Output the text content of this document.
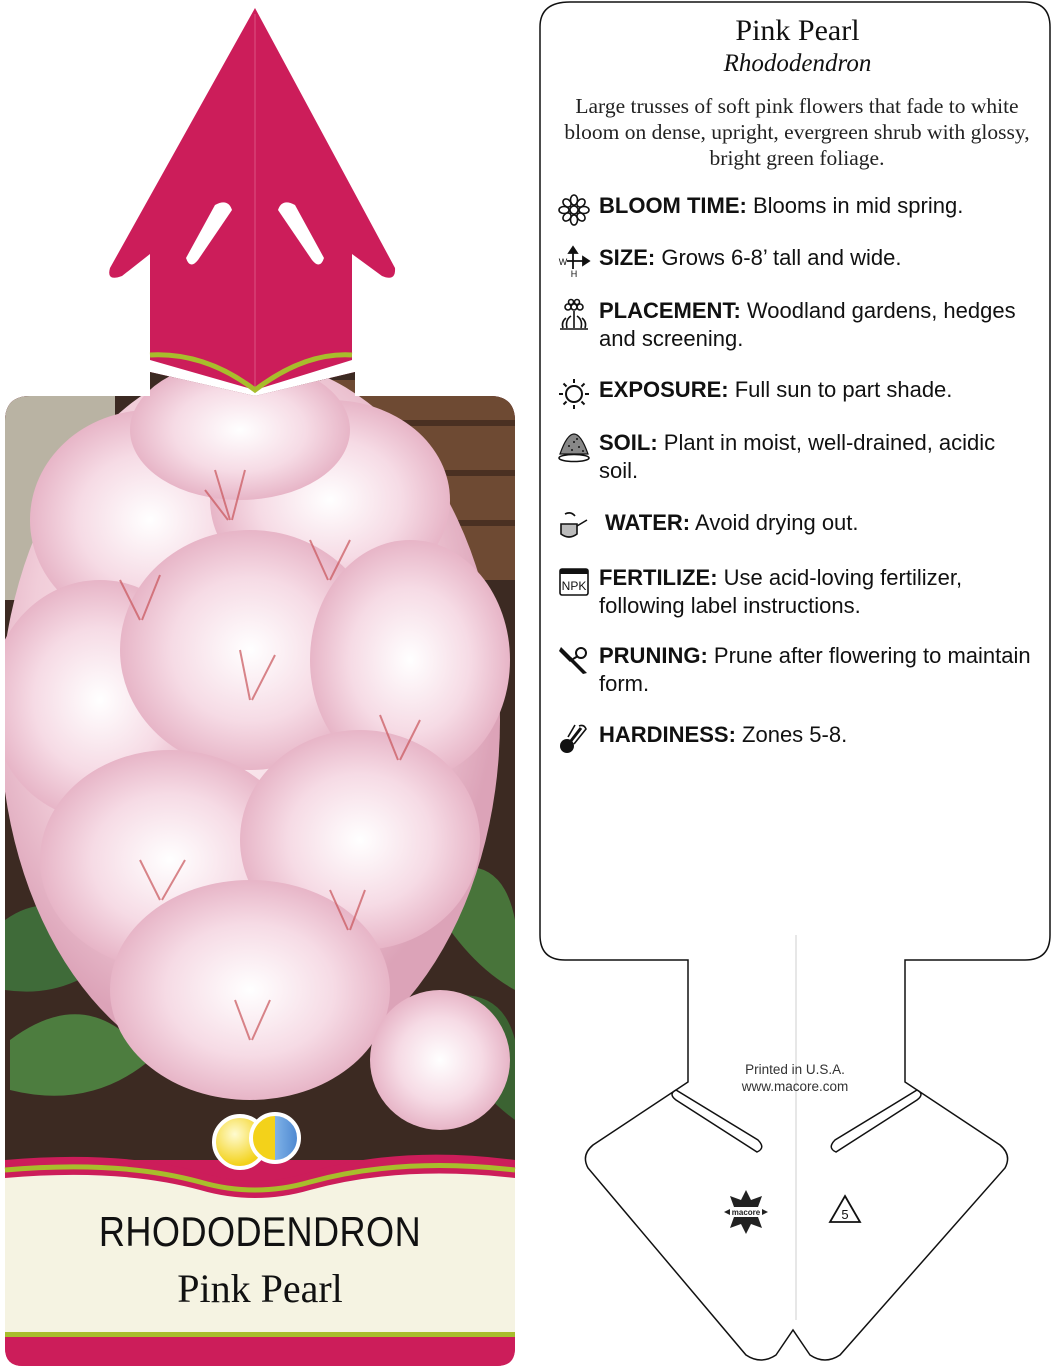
macore	5
RHODODENDRON
Pink Pearl
Pink Pearl
Rhododendron
Large trusses of soft pink flowers that fade to white bloom on dense, upright, evergreen shrub with glossy, bright green foliage.
BLOOM TIME: Blooms in mid spring.
W
H
SIZE: Grows 6-8’ tall and wide.
PLACEMENT: Woodland gardens, hedges and screening.
EXPOSURE: Full sun to part shade.
SOIL: Plant in moist, well-drained, acidic soil.
WATER: Avoid drying out.
NPK FERTILIZE: Use acid-loving fertilizer, following label instructions.
PRUNING: Prune after flowering to maintain form.
HARDINESS: Zones 5-8.
Printed in U.S.A.
www.macore.com
